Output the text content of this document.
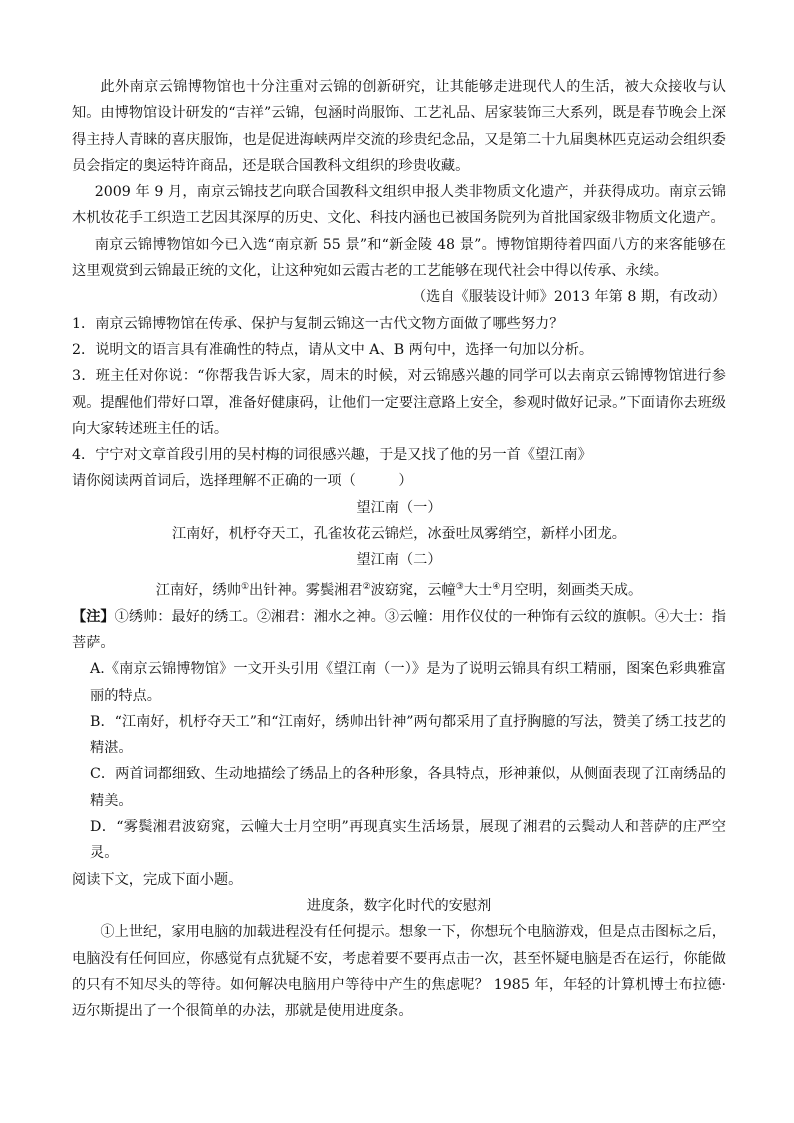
此外南京云锦博物馆也十分注重对云锦的创新研究，让其能够走进现代人的生活，被大众接收与认知。由博物馆设计研发的“吉祥”云锦，包涵时尚服饰、工艺礼品、居家装饰三大系列，既是春节晚会上深得主持人青睐的喜庆服饰，也是促进海峡两岸交流的珍贵纪念品，又是第二十九届奥林匹克运动会组织委员会指定的奥运特许商品，还是联合国教科文组织的珍贵收藏。

2009 年 9 月，南京云锦技艺向联合国教科文组织申报人类非物质文化遗产，并获得成功。南京云锦木机妆花手工织造工艺因其深厚的历史、文化、科技内涵也已被国务院列为首批国家级非物质文化遗产。

南京云锦博物馆如今已入选“南京新 55 景”和“新金陵 48 景”。博物馆期待着四面八方的来客能够在这里观赏到云锦最正统的文化，让这种宛如云霞古老的工艺能够在现代社会中得以传承、永续。

（选自《服装设计师》2013 年第 8 期，有改动）

1．南京云锦博物馆在传承、保护与复制云锦这一古代文物方面做了哪些努力？

2．说明文的语言具有准确性的特点，请从文中 A、B 两句中，选择一句加以分析。

3．班主任对你说：“你帮我告诉大家，周末的时候，对云锦感兴趣的同学可以去南京云锦博物馆进行参观。提醒他们带好口罩，准备好健康码，让他们一定要注意路上安全，参观时做好记录。”下面请你去班级向大家转述班主任的话。

4．宁宁对文章首段引用的吴村梅的词很感兴趣，于是又找了他的另一首《望江南》

请你阅读两首词后，选择理解不正确的一项（　　　）

望江南（一）

江南好，机杼夺天工，孔雀妆花云锦烂，冰蚕吐凤雾绡空，新样小团龙。

望江南（二）

江南好，绣帅①出针神。雾鬓湘君②波窈窕，云幢③大士④月空明，刻画类天成。

【注】①绣帅：最好的绣工。②湘君：湘水之神。③云幢：用作仪仗的一种饰有云纹的旗帜。④大士：指菩萨。

A.《南京云锦博物馆》一文开头引用《望江南（一）》是为了说明云锦具有织工精丽，图案色彩典雅富丽的特点。

B．“江南好，机杼夺天工”和“江南好，绣帅出针神”两句都采用了直抒胸臆的写法，赞美了绣工技艺的精湛。

C．两首词都细致、生动地描绘了绣品上的各种形象，各具特点，形神兼似，从侧面表现了江南绣品的精美。

D．“雾鬓湘君波窈窕，云幢大士月空明”再现真实生活场景，展现了湘君的云鬓动人和菩萨的庄严空灵。

阅读下文，完成下面小题。

进度条，数字化时代的安慰剂

①上世纪，家用电脑的加载进程没有任何提示。想象一下，你想玩个电脑游戏，但是点击图标之后，电脑没有任何回应，你感觉有点犹疑不安，考虑着要不要再点击一次，甚至怀疑电脑是否在运行，你能做的只有不知尽头的等待。如何解决电脑用户等待中产生的焦虑呢？ 1985 年，年轻的计算机博士布拉德·迈尔斯提出了一个很简单的办法，那就是使用进度条。
